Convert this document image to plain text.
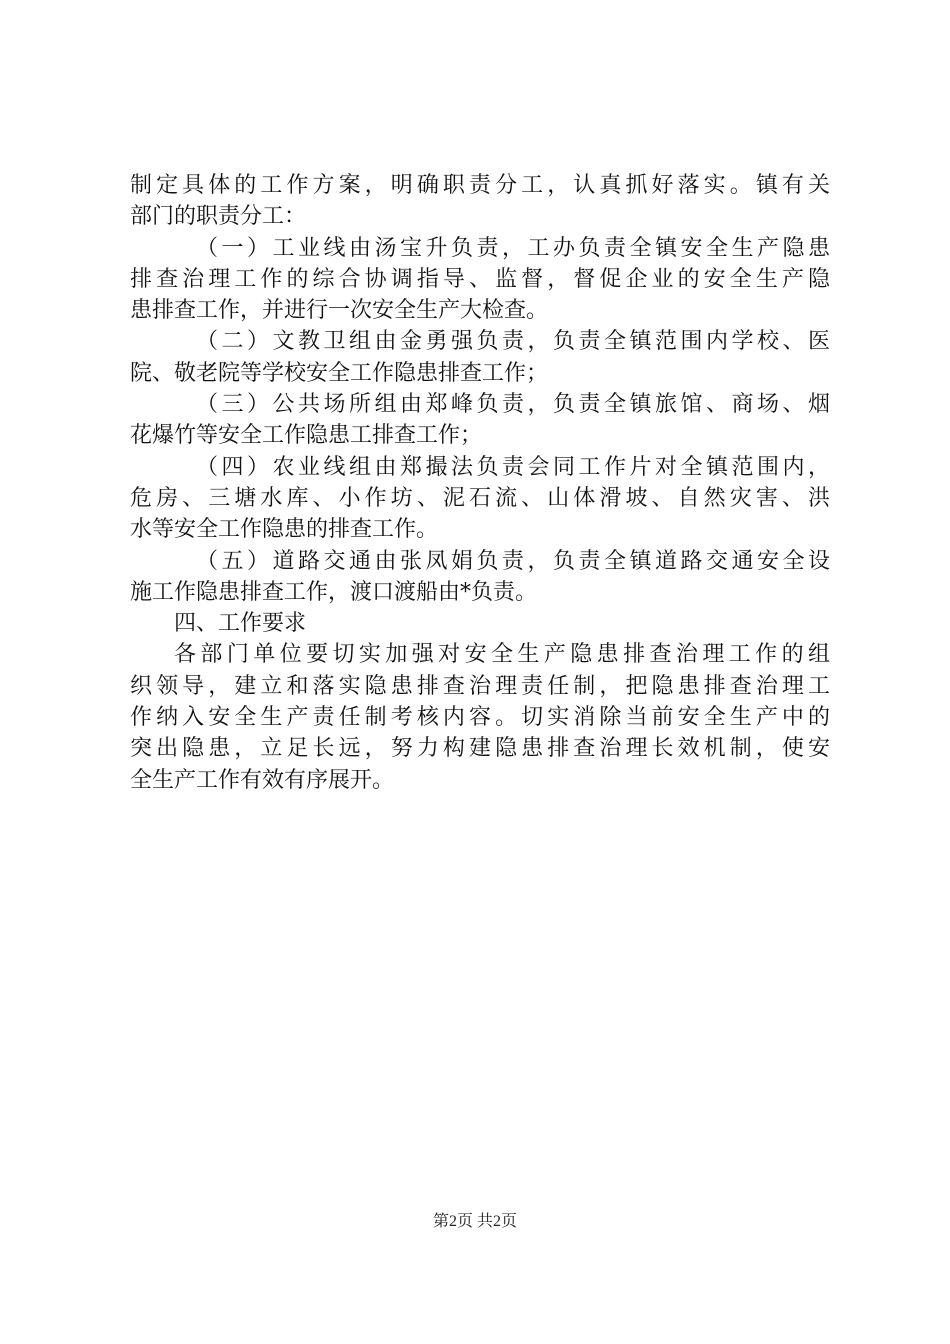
制定具体的工作方案，明确职责分工，认真抓好落实。镇有关
部门的职责分工：
（一）工业线由汤宝升负责，工办负责全镇安全生产隐患
排查治理工作的综合协调指导、监督，督促企业的安全生产隐
患排查工作，并进行一次安全生产大检查。
（二）文教卫组由金勇强负责，负责全镇范围内学校、医
院、敬老院等学校安全工作隐患排查工作；
（三）公共场所组由郑峰负责，负责全镇旅馆、商场、烟
花爆竹等安全工作隐患工排查工作；
（四）农业线组由郑撮法负责会同工作片对全镇范围内，
危房、三塘水库、小作坊、泥石流、山体滑坡、自然灾害、洪
水等安全工作隐患的排查工作。
（五）道路交通由张凤娟负责，负责全镇道路交通安全设
施工作隐患排查工作，渡口渡船由*负责。
四、工作要求
各部门单位要切实加强对安全生产隐患排查治理工作的组
织领导，建立和落实隐患排查治理责任制，把隐患排查治理工
作纳入安全生产责任制考核内容。切实消除当前安全生产中的
突出隐患，立足长远，努力构建隐患排查治理长效机制，使安
全生产工作有效有序展开。
第2页 共2页
